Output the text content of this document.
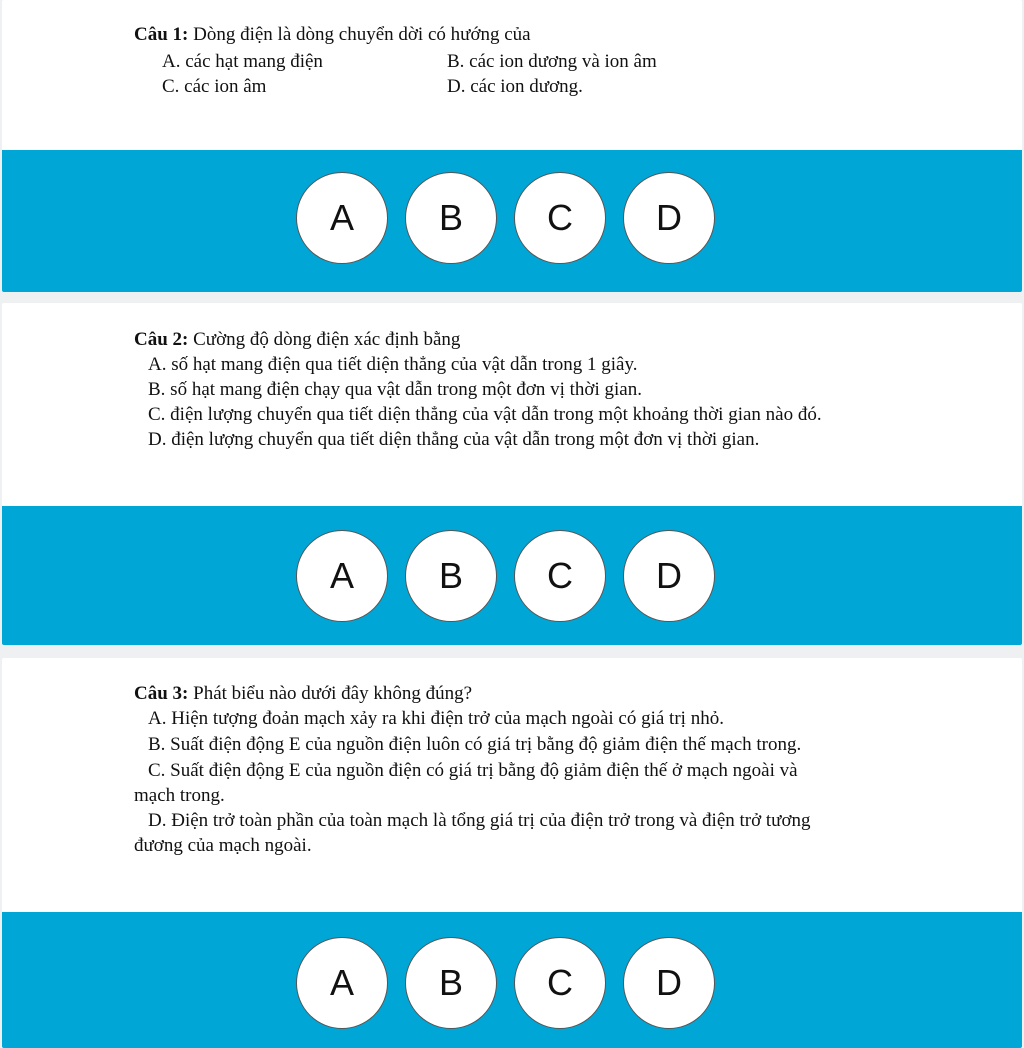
Câu 1: Dòng điện là dòng chuyển dời có hướng của
A. các hạt mang điện	B. các ion dương và ion âm
C. các ion âm	D. các ion dương.
A	B	C	D
Câu 2: Cường độ dòng điện xác định bằng
A. số hạt mang điện qua tiết diện thẳng của vật dẫn trong 1 giây.
B. số hạt mang điện chạy qua vật dẫn trong một đơn vị thời gian.
C. điện lượng chuyển qua tiết diện thẳng của vật dẫn trong một khoảng thời gian nào đó.
D. điện lượng chuyển qua tiết diện thẳng của vật dẫn trong một đơn vị thời gian.
A	B	C	D
Câu 3: Phát biểu nào dưới đây không đúng?
A. Hiện tượng đoản mạch xảy ra khi điện trở của mạch ngoài có giá trị nhỏ.
B. Suất điện động E của nguồn điện luôn có giá trị bằng độ giảm điện thế mạch trong.
C. Suất điện động E của nguồn điện có giá trị bằng độ giảm điện thế ở mạch ngoài và
mạch trong.
D. Điện trở toàn phần của toàn mạch là tổng giá trị của điện trở trong và điện trở tương
đương của mạch ngoài.
A	B	C	D
